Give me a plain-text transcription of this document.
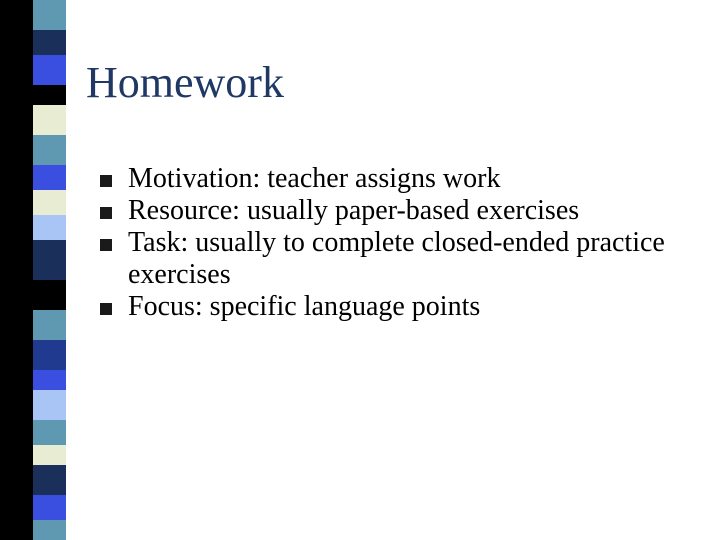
Homework
Motivation: teacher assigns work
Resource: usually paper-based exercises
Task: usually to complete closed-ended practice exercises
Focus: specific language points
